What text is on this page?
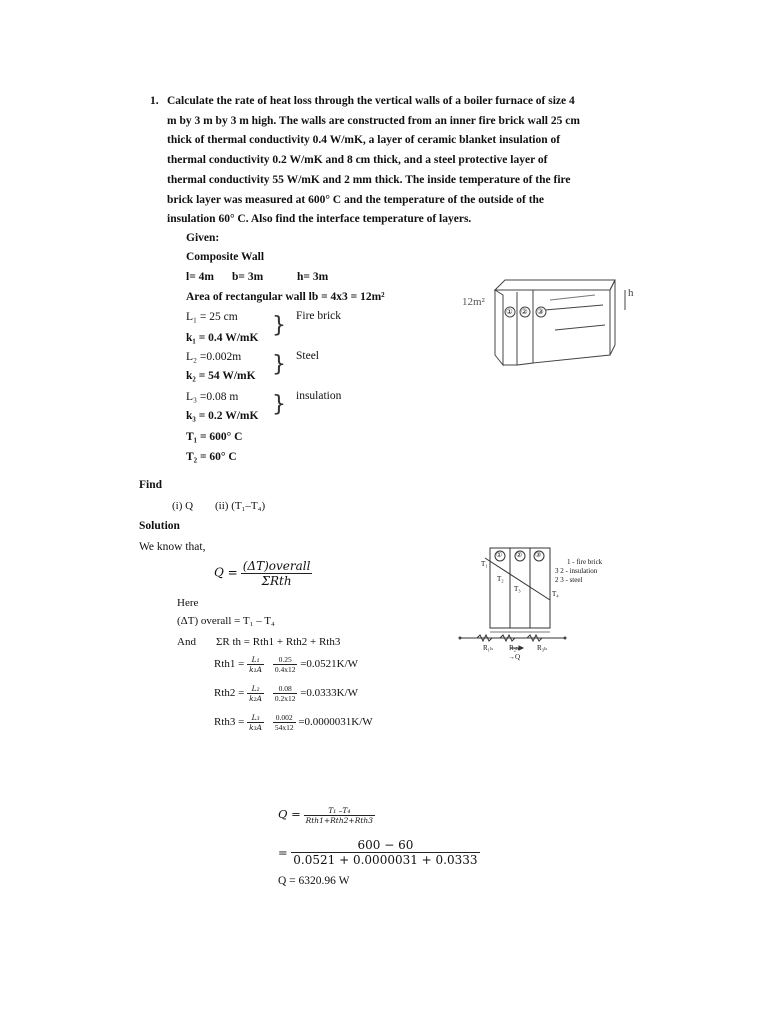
1. Calculate the rate of heat loss through the vertical walls of a boiler furnace of size 4
m by 3 m by 3 m high. The walls are constructed from an inner fire brick wall 25 cm
thick of thermal conductivity 0.4 W/mK, a layer of ceramic blanket insulation of
thermal conductivity 0.2 W/mK and 8 cm thick, and a steel protective layer of
thermal conductivity 55 W/mK and 2 mm thick. The inside temperature of the fire
brick layer was measured at 600° C and the temperature of the outside of the
insulation 60° C. Also find the interface temperature of layers.
Given:
Composite Wall
l= 4m b= 3m	h= 3m
Area of rectangular wall lb = 4x3 = 12m²
L₁ = 25 cm
k₁ = 0.4 W/mK } Fire brick
L₂ =0.002m
k₂ = 54 W/mK } Steel
L₃ =0.08 m
k₃ = 0.2 W/mK } insulation
T₁ = 600° C
T₂ = 60° C
12m²
h
① ② ③
Find
(i) Q (ii) (T₁–T₄)
Solution
We know that,
$Q = \frac{\text{(ΔT)overall}}{\text{ΣRth}}$
Here
(ΔT) overall = T₁ – T₄
And ΣR th = Rth1 + Rth2 + Rth3
$Rth1 = \frac{\text{L₁}}{\text{k₁A}}$
$\frac{0.25}{0.4x12} =0.0521K/W$
$Rth2 = \frac{\text{L₂}}{\text{k₂A}}$
$\frac{0.08}{0.2x12} =0.0333K/W$
$Rth3 = \frac{\text{L₃}}{\text{k₃A}}$
$\frac{0.002}{54x12} =0.0000031K/W$
① ② ③
1 - fire brick
3 2 - insulation
2 3 - steel
T₁
T₂
T₃
T₄
R₁ₕ R₂ₕ	R₃ₕ
→Q
$Q = \frac{\text{T₁ –T₄}}{\text{Rth1+Rth2+Rth3}}$
= $\frac{600 - 60}{0.0521 + 0.0000031 + 0.0333}$
Q = 6320.96 W
